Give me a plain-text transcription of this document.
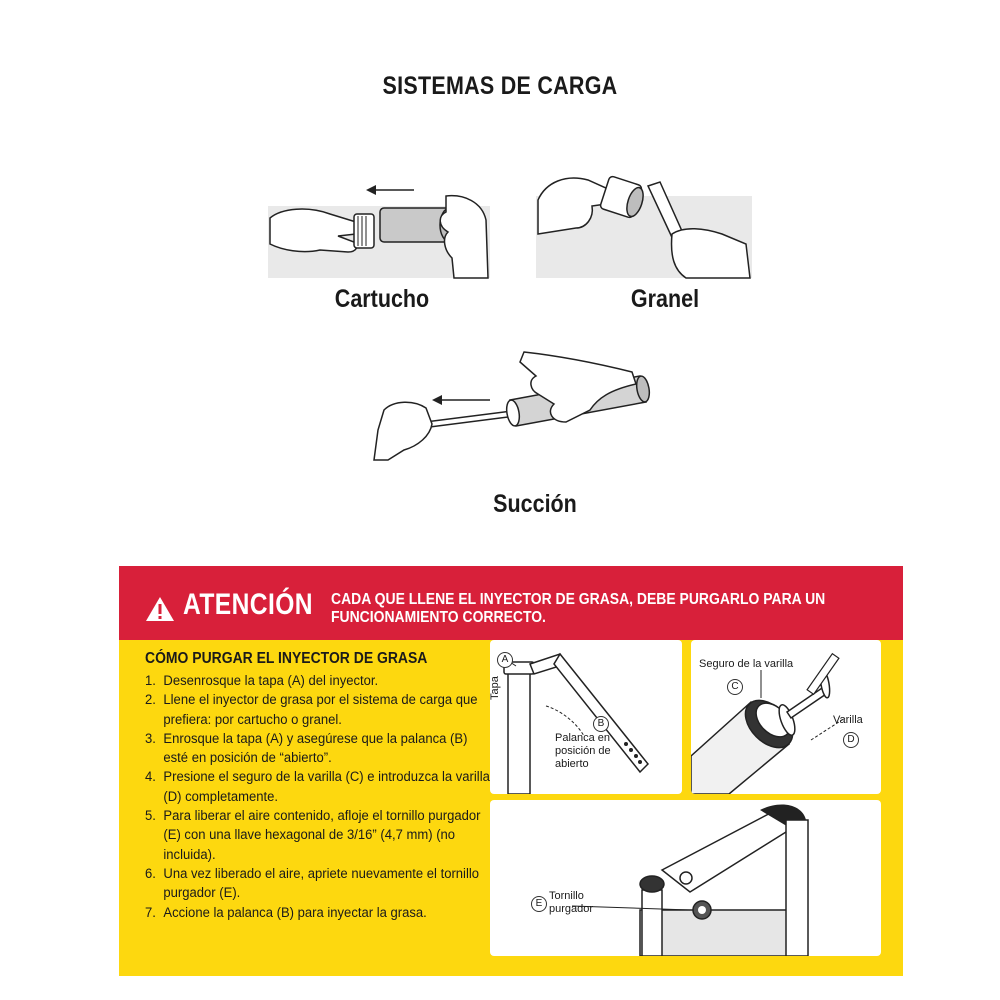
SISTEMAS DE CARGA
Cartucho	Granel
Succión
ATENCIÓN CADA QUE LLENE EL INYECTOR DE GRASA, DEBE PURGARLO PARA UN FUNCIONAMIENTO CORRECTO.
CÓMO PURGAR EL INYECTOR DE GRASA
Desenrosque la tapa (A) del inyector.
Llene el inyector de grasa por el sistema de carga que prefiera: por cartucho o granel.
Enrosque la tapa (A) y asegúrese que la palanca (B) esté en posición de “abierto”.
Presione el seguro de la varilla (C) e introduzca la varilla (D) completamente.
Para liberar el aire contenido, afloje el tornillo purgador (E) con una llave hexagonal de 3/16” (4,7 mm) (no incluida).
Una vez liberado el aire, apriete nuevamente el tornillo purgador (E).
Accione la palanca (B) para inyectar la grasa.
A
Tapa
B
Palanca en posición de abierto
Seguro de la varilla
C
Varilla
D
E
Tornillo purgador
